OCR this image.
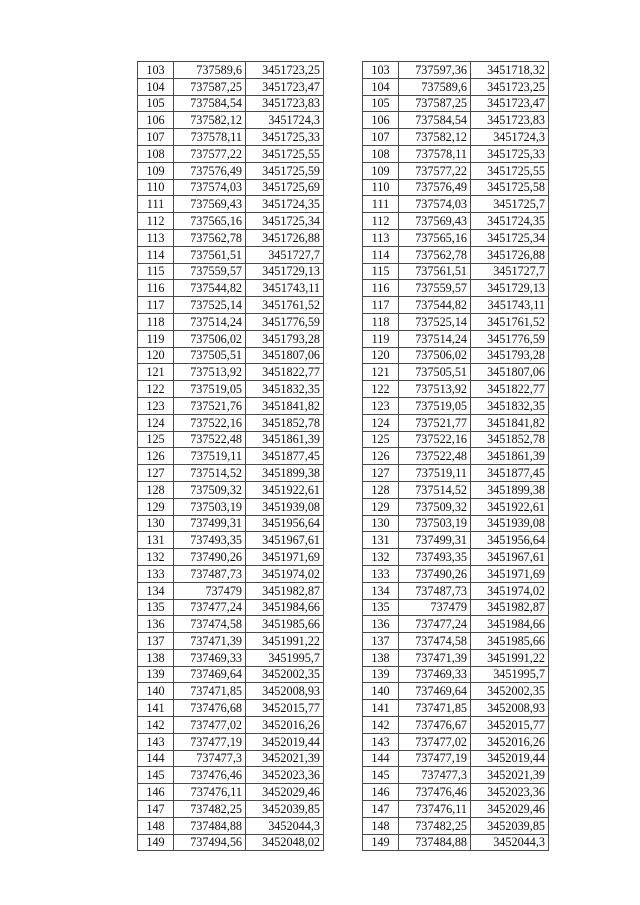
103	737589,6	3451723,25
104	737587,25	3451723,47
105	737584,54	3451723,83
106	737582,12	3451724,3
107	737578,11	3451725,33
108	737577,22	3451725,55
109	737576,49	3451725,59
110	737574,03	3451725,69
111	737569,43	3451724,35
112	737565,16	3451725,34
113	737562,78	3451726,88
114	737561,51	3451727,7
115	737559,57	3451729,13
116	737544,82	3451743,11
117	737525,14	3451761,52
118	737514,24	3451776,59
119	737506,02	3451793,28
120	737505,51	3451807,06
121	737513,92	3451822,77
122	737519,05	3451832,35
123	737521,76	3451841,82
124	737522,16	3451852,78
125	737522,48	3451861,39
126	737519,11	3451877,45
127	737514,52	3451899,38
128	737509,32	3451922,61
129	737503,19	3451939,08
130	737499,31	3451956,64
131	737493,35	3451967,61
132	737490,26	3451971,69
133	737487,73	3451974,02
134	737479	3451982,87
135	737477,24	3451984,66
136	737474,58	3451985,66
137	737471,39	3451991,22
138	737469,33	3451995,7
139	737469,64	3452002,35
140	737471,85	3452008,93
141	737476,68	3452015,77
142	737477,02	3452016,26
143	737477,19	3452019,44
144	737477,3	3452021,39
145	737476,46	3452023,36
146	737476,11	3452029,46
147	737482,25	3452039,85
148	737484,88	3452044,3
149	737494,56	3452048,02
103	737597,36	3451718,32
104	737589,6	3451723,25
105	737587,25	3451723,47
106	737584,54	3451723,83
107	737582,12	3451724,3
108	737578,11	3451725,33
109	737577,22	3451725,55
110	737576,49	3451725,58
111	737574,03	3451725,7
112	737569,43	3451724,35
113	737565,16	3451725,34
114	737562,78	3451726,88
115	737561,51	3451727,7
116	737559,57	3451729,13
117	737544,82	3451743,11
118	737525,14	3451761,52
119	737514,24	3451776,59
120	737506,02	3451793,28
121	737505,51	3451807,06
122	737513,92	3451822,77
123	737519,05	3451832,35
124	737521,77	3451841,82
125	737522,16	3451852,78
126	737522,48	3451861,39
127	737519,11	3451877,45
128	737514,52	3451899,38
129	737509,32	3451922,61
130	737503,19	3451939,08
131	737499,31	3451956,64
132	737493,35	3451967,61
133	737490,26	3451971,69
134	737487,73	3451974,02
135	737479	3451982,87
136	737477,24	3451984,66
137	737474,58	3451985,66
138	737471,39	3451991,22
139	737469,33	3451995,7
140	737469,64	3452002,35
141	737471,85	3452008,93
142	737476,67	3452015,77
143	737477,02	3452016,26
144	737477,19	3452019,44
145	737477,3	3452021,39
146	737476,46	3452023,36
147	737476,11	3452029,46
148	737482,25	3452039,85
149	737484,88	3452044,3
